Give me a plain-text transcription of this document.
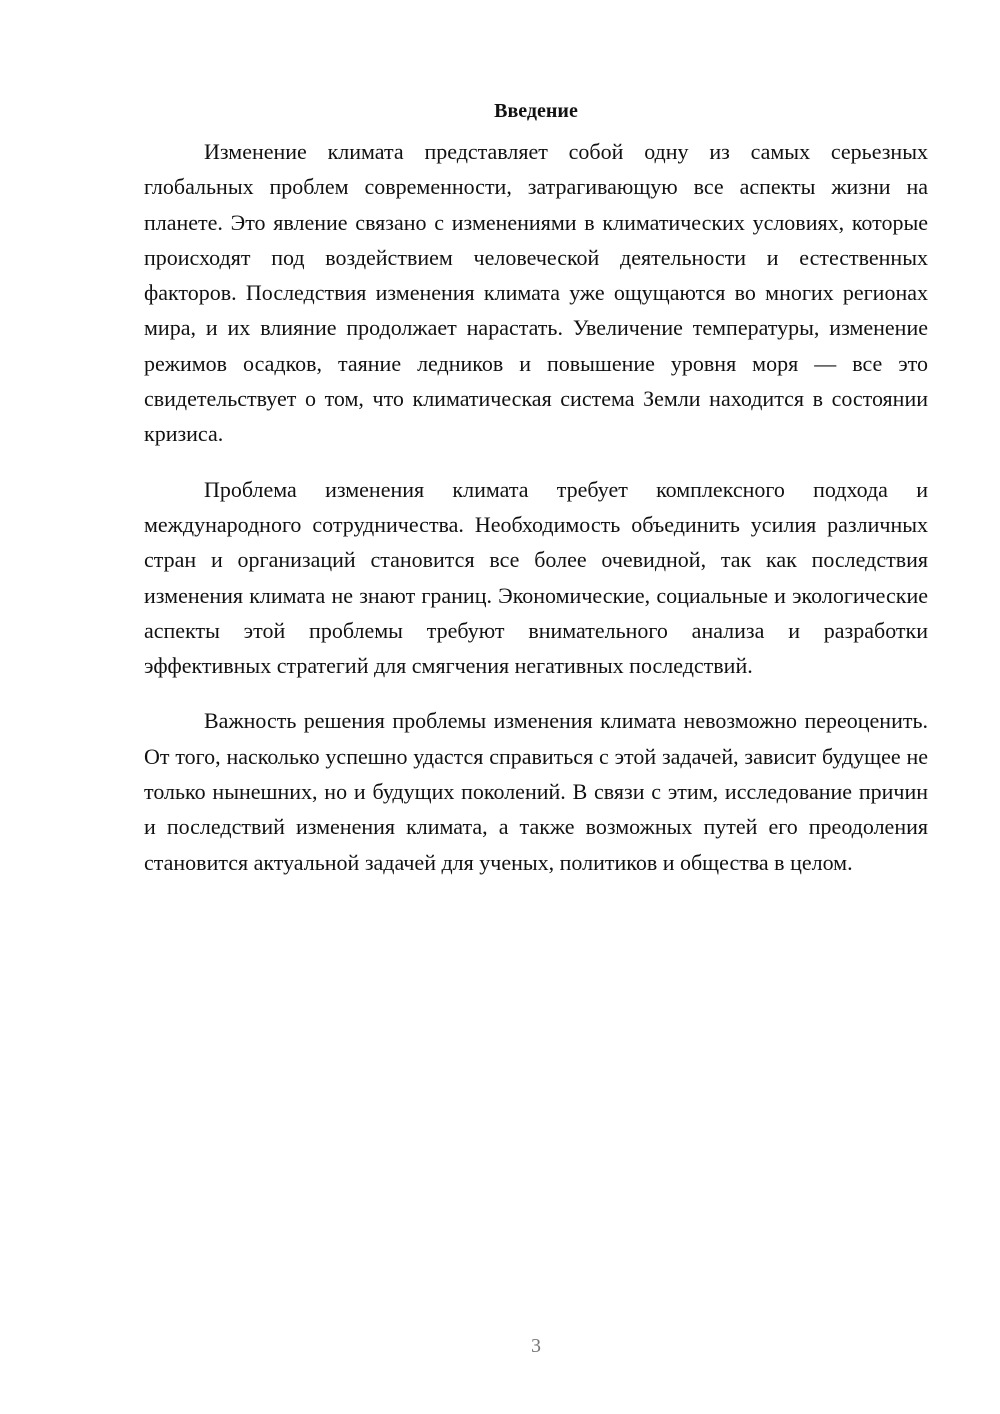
Введение

Изменение климата представляет собой одну из самых серьезных глобальных проблем современности, затрагивающую все аспекты жизни на планете. Это явление связано с изменениями в климатических условиях, которые происходят под воздействием человеческой деятельности и естественных факторов. Последствия изменения климата уже ощущаются во многих регионах мира, и их влияние продолжает нарастать. Увеличение температуры, изменение режимов осадков, таяние ледников и повышение уровня моря — все это свидетельствует о том, что климатическая система Земли находится в состоянии кризиса.

Проблема изменения климата требует комплексного подхода и международного сотрудничества. Необходимость объединить усилия различных стран и организаций становится все более очевидной, так как последствия изменения климата не знают границ. Экономические, социальные и экологические аспекты этой проблемы требуют внимательного анализа и разработки эффективных стратегий для смягчения негативных последствий.

Важность решения проблемы изменения климата невозможно переоценить. От того, насколько успешно удастся справиться с этой задачей, зависит будущее не только нынешних, но и будущих поколений. В связи с этим, исследование причин и последствий изменения климата, а также возможных путей его преодоления становится актуальной задачей для ученых, политиков и общества в целом.

3
